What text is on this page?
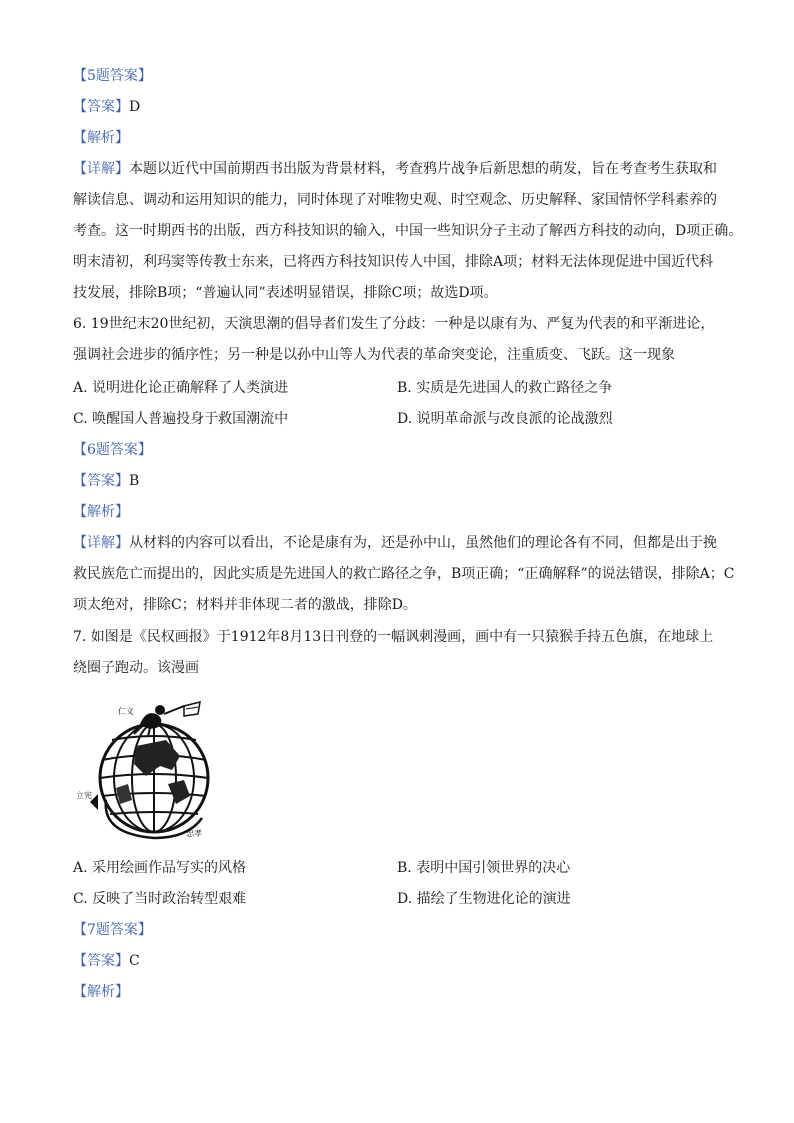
【5题答案】
【答案】D
【解析】
【详解】本题以近代中国前期西书出版为背景材料，考查鸦片战争后新思想的萌发，旨在考查考生获取和
解读信息、调动和运用知识的能力，同时体现了对唯物史观、时空观念、历史解释、家国情怀学科素养的
考查。这一时期西书的出版，西方科技知识的输入，中国一些知识分子主动了解西方科技的动向，D项正确。
明末清初，利玛窦等传教士东来，已将西方科技知识传人中国，排除A项；材料无法体现促进中国近代科
技发展，排除B项；“普遍认同”表述明显错误，排除C项；故选D项。
6. 19世纪末20世纪初，天演思潮的倡导者们发生了分歧：一种是以康有为、严复为代表的和平渐进论，
强调社会进步的循序性；另一种是以孙中山等人为代表的革命突变论，注重质变、飞跃。这一现象
A. 说明进化论正确解释了人类演进	B. 实质是先进国人的救亡路径之争
C. 唤醒国人普遍投身于救国潮流中	D. 说明革命派与改良派的论战激烈
【6题答案】
【答案】B
【解析】
【详解】从材料的内容可以看出，不论是康有为，还是孙中山，虽然他们的理论各有不同，但都是出于挽
救民族危亡而提出的，因此实质是先进国人的救亡路径之争，B项正确；“正确解释”的说法错误，排除A；C
项太绝对，排除C；材料并非体现二者的激战，排除D。
7. 如图是《民权画报》于1912年8月13日刊登的一幅讽刺漫画，画中有一只猿猴手持五色旗，在地球上
绕圈子跑动。该漫画
仁义
忠孝
立宪
A. 采用绘画作品写实的风格	B. 表明中国引领世界的决心
C. 反映了当时政治转型艰难	D. 描绘了生物进化论的演进
【7题答案】
【答案】C
【解析】
